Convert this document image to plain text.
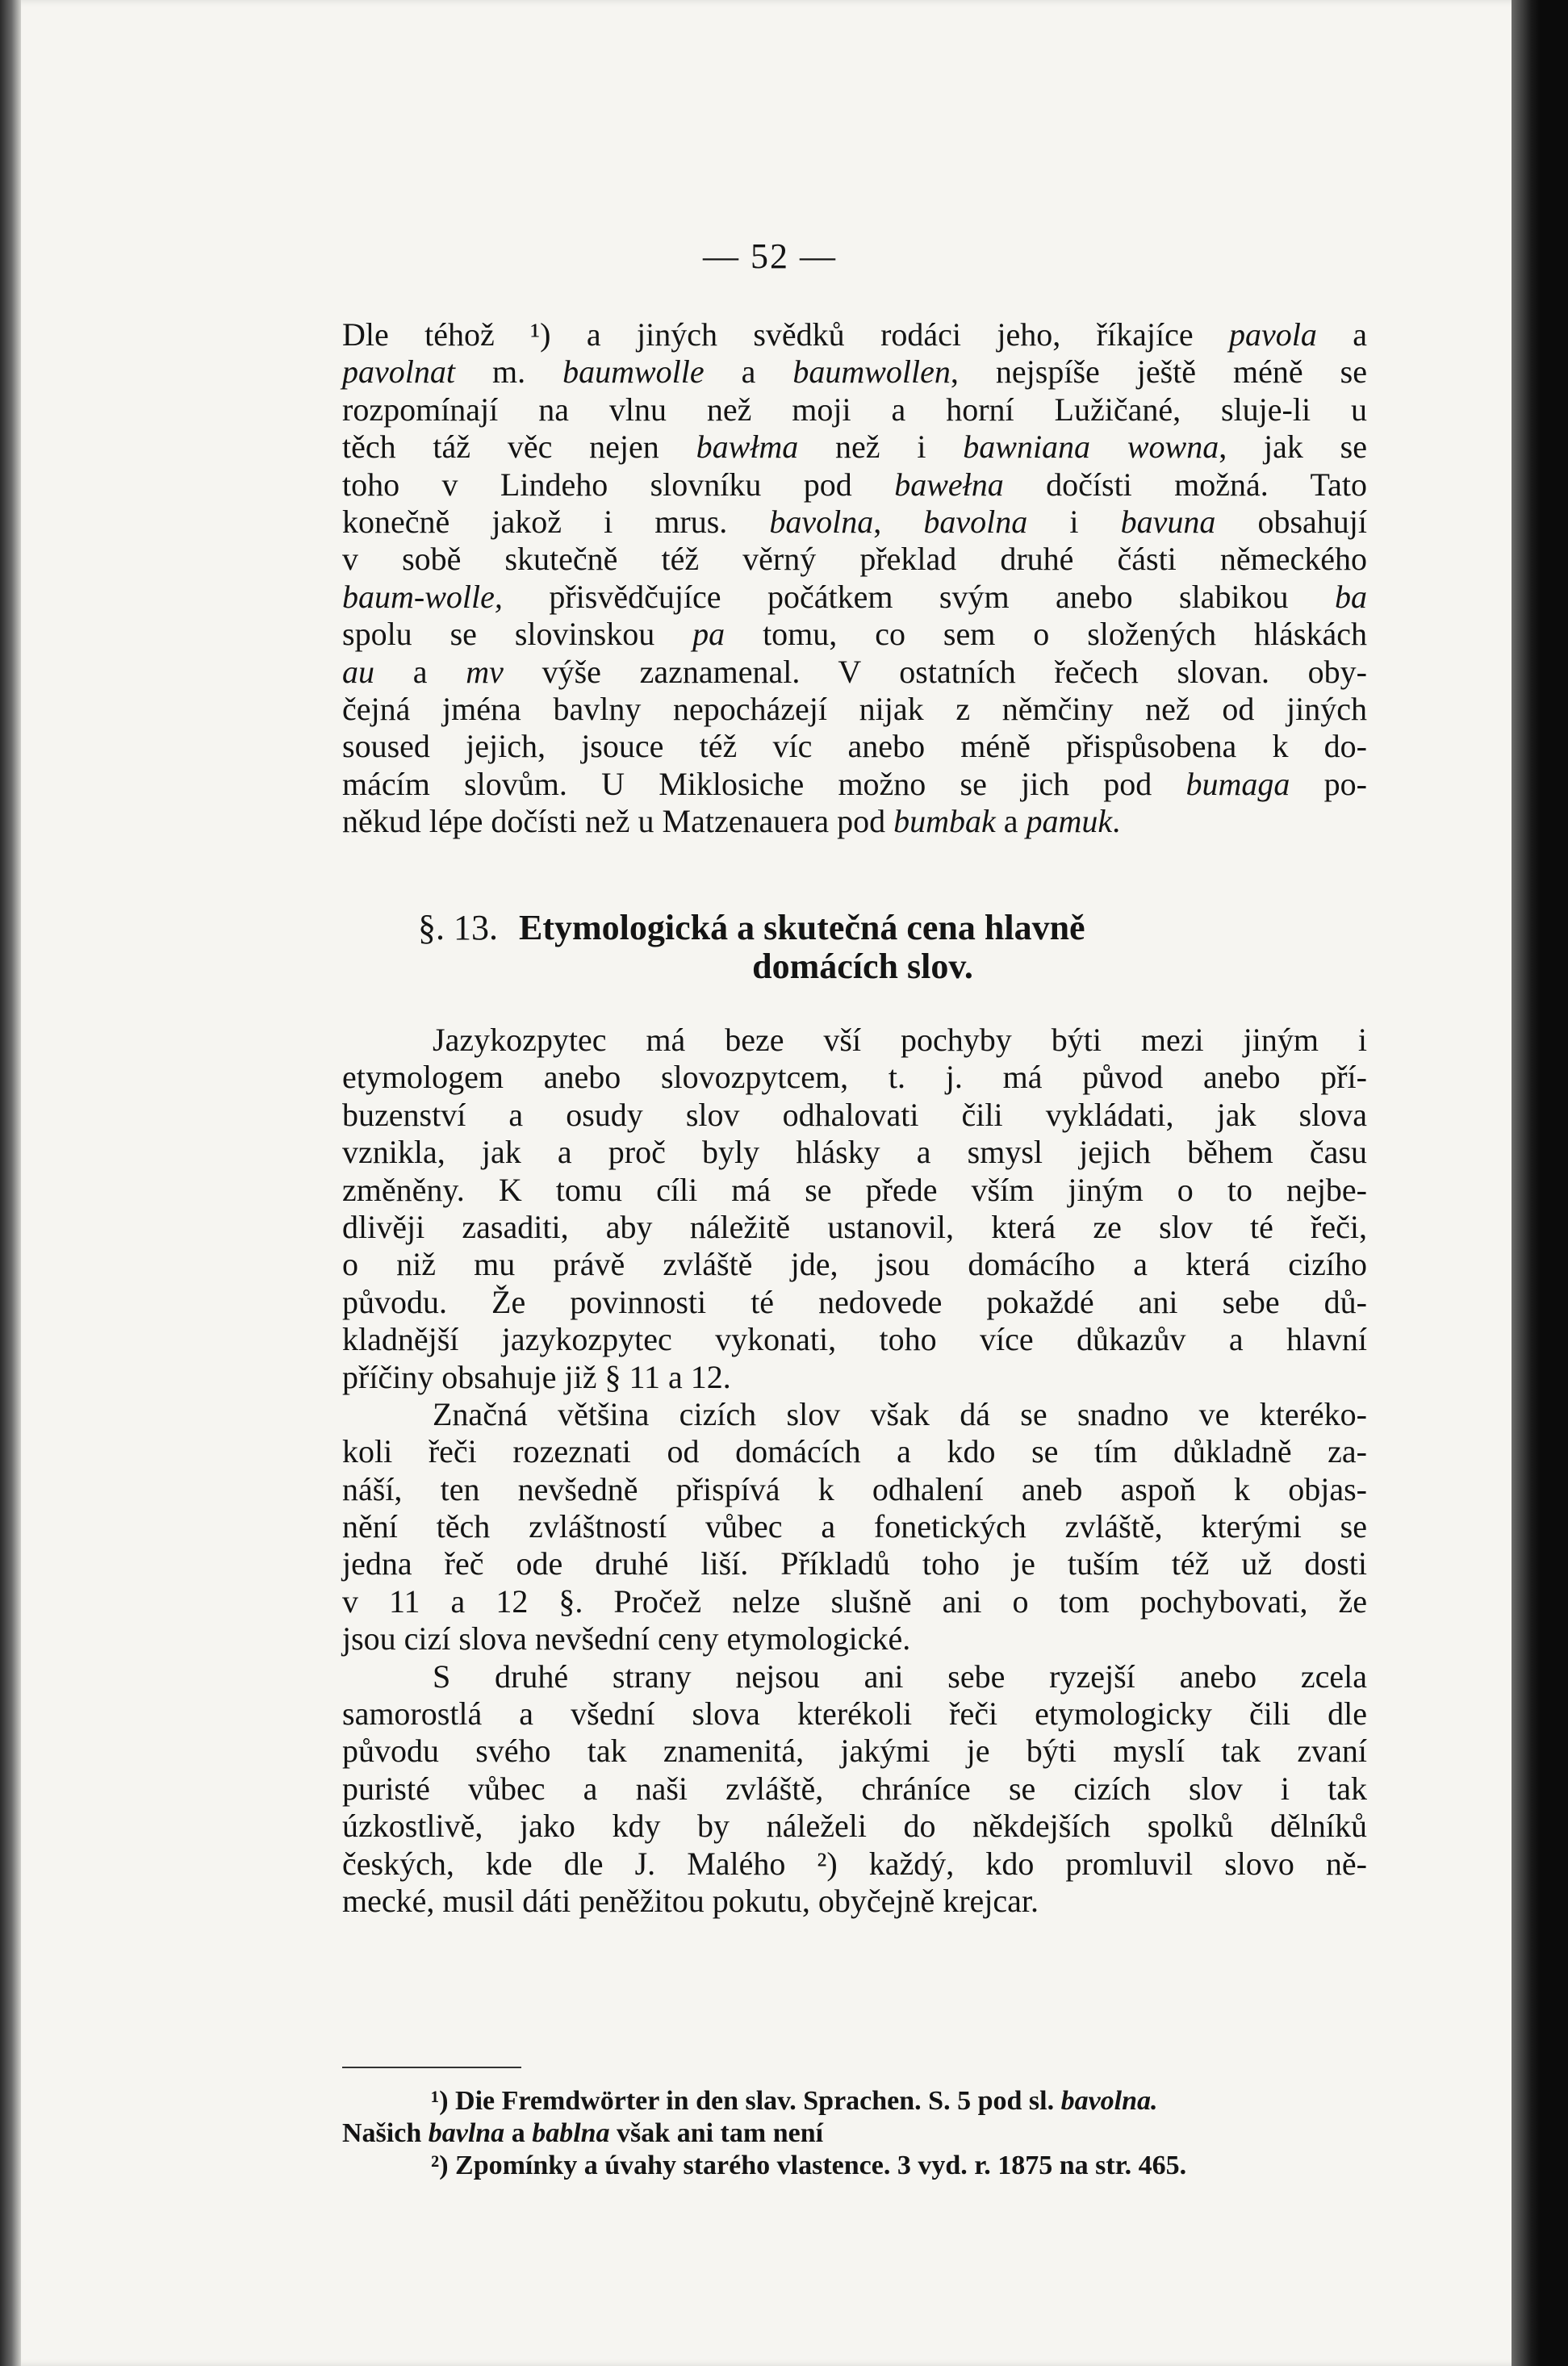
— 52 —
Dle téhož ¹) a jiných svědků rodáci jeho, říkajíce pavola a
pavolnat m. baumwolle a baumwollen, nejspíše ještě méně se
rozpomínají na vlnu než moji a horní Lužičané, sluje-li u
těch táž věc nejen bawłma než i bawniana wowna, jak se
toho v Lindeho slovníku pod bawełna dočísti možná. Tato
konečně jakož i mrus. bavolna, bavolna i bavuna obsahují
v sobě skutečně též věrný překlad druhé části německého
baum-wolle, přisvědčujíce počátkem svým anebo slabikou ba
spolu se slovinskou pa tomu, co sem o složených hláskách
au a mv výše zaznamenal. V ostatních řečech slovan. oby-
čejná jména bavlny nepocházejí nijak z němčiny než od jiných
soused jejich, jsouce též víc anebo méně přispůsobena k do-
mácím slovům. U Miklosiche možno se jich pod bumaga po-
někud lépe dočísti než u Matzenauera pod bumbak a pamuk.
§. 13. Etymologická a skutečná cena hlavně
domácích slov.
Jazykozpytec má beze vší pochyby býti mezi jiným i
etymologem anebo slovozpytcem, t. j. má původ anebo pří-
buzenství a osudy slov odhalovati čili vykládati, jak slova
vznikla, jak a proč byly hlásky a smysl jejich během času
změněny. K tomu cíli má se přede vším jiným o to nejbe-
dlivěji zasaditi, aby náležitě ustanovil, která ze slov té řeči,
o niž mu právě zvláště jde, jsou domácího a která cizího
původu. Že povinnosti té nedovede pokaždé ani sebe dů-
kladnější jazykozpytec vykonati, toho více důkazův a hlavní
příčiny obsahuje již § 11 a 12.
Značná většina cizích slov však dá se snadno ve kteréko-
koli řeči rozeznati od domácích a kdo se tím důkladně za-
náší, ten nevšedně přispívá k odhalení aneb aspoň k objas-
nění těch zvláštností vůbec a fonetických zvláště, kterými se
jedna řeč ode druhé liší. Příkladů toho je tuším též už dosti
v 11 a 12 §. Pročež nelze slušně ani o tom pochybovati, že
jsou cizí slova nevšední ceny etymologické.
S druhé strany nejsou ani sebe ryzejší anebo zcela
samorostlá a všední slova kterékoli řeči etymologicky čili dle
původu svého tak znamenitá, jakými je býti myslí tak zvaní
puristé vůbec a naši zvláště, chráníce se cizích slov i tak
úzkostlivě, jako kdy by náleželi do někdejších spolků dělníků
českých, kde dle J. Malého ²) každý, kdo promluvil slovo ně-
mecké, musil dáti peněžitou pokutu, obyčejně krejcar.
¹) Die Fremdwörter in den slav. Sprachen. S. 5 pod sl. bavolna.
Našich bavlna a bablna však ani tam není
²) Zpomínky a úvahy starého vlastence. 3 vyd. r. 1875 na str. 465.
